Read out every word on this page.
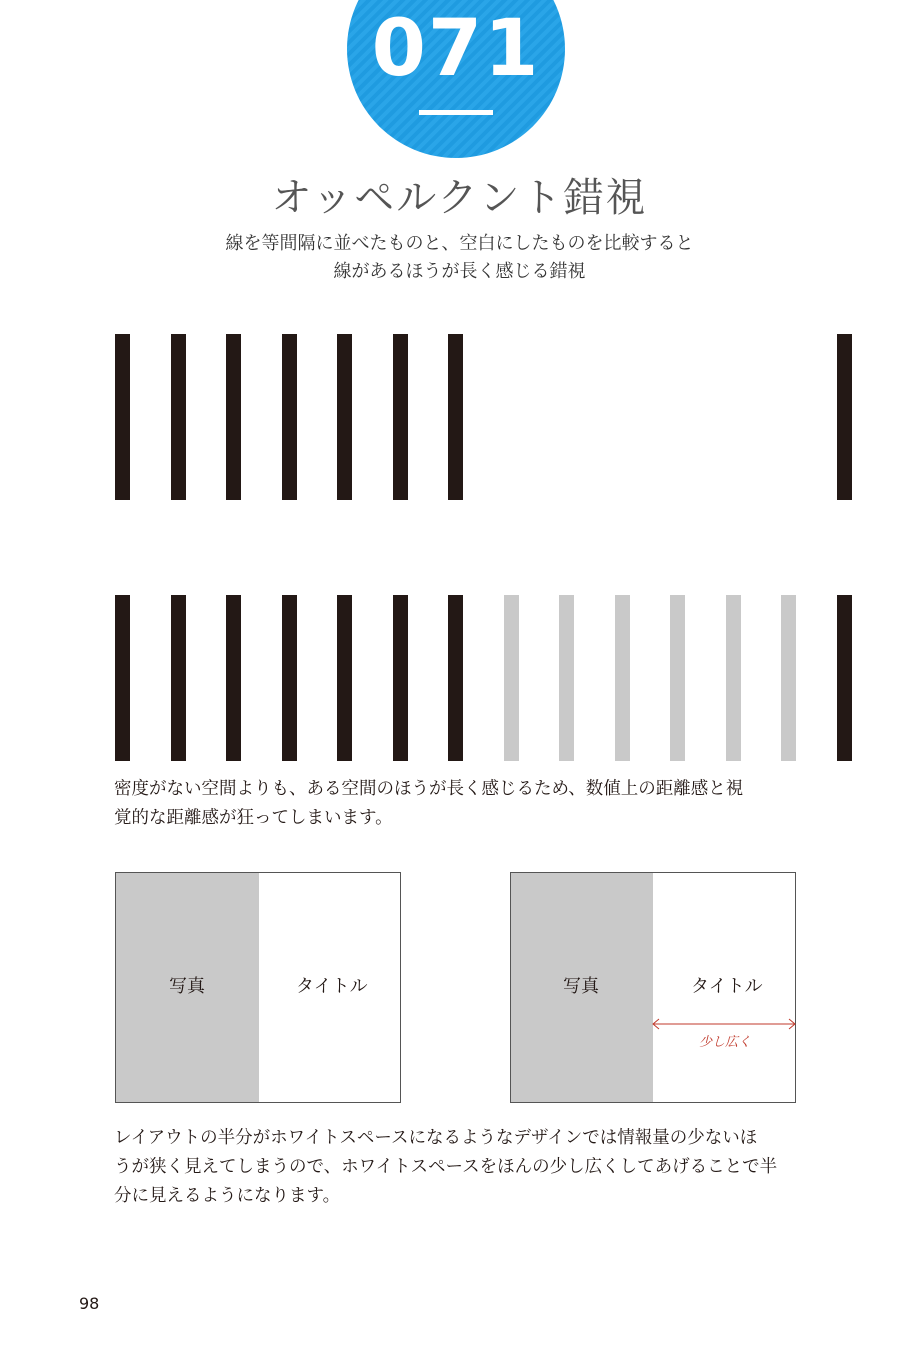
071
オッペルクント錯視
線を等間隔に並べたものと、空白にしたものを比較すると
線があるほうが長く感じる錯視
密度がない空間よりも、ある空間のほうが長く感じるため、数値上の距離感と視
覚的な距離感が狂ってしまいます。
写真	タイトル	写真	タイトル
少し広く
レイアウトの半分がホワイトスペースになるようなデザインでは情報量の少ないほ
うが狭く見えてしまうので、ホワイトスペースをほんの少し広くしてあげることで半
分に見えるようになります。
98
